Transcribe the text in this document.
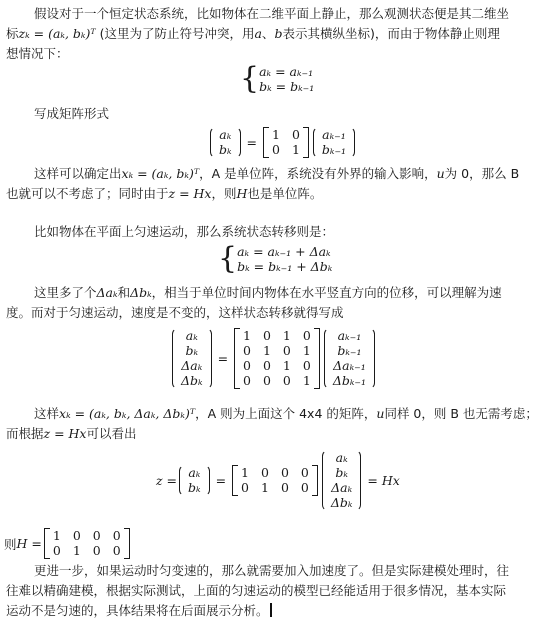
假设对于一个恒定状态系统，比如物体在二维平面上静止，那么观测状态便是其二维坐

标zₖ = (aₖ, bₖ)ᵀ (这里为了防止符号冲突，用a、b表示其横纵坐标)，而由于物体静止则理

想情况下：

{ aₖ = aₖ₋₁
bₖ = bₖ₋₁

写成矩阵形式

aₖ
bₖ =
1 0
0 1
aₖ₋₁
bₖ₋₁

这样可以确定出xₖ = (aₖ, bₖ)ᵀ，A 是单位阵，系统没有外界的输入影响，u为 0，那么 B

也就可以不考虑了；同时由于z = Hx，则H也是单位阵。

比如物体在平面上匀速运动，那么系统状态转移则是：

{ aₖ = aₖ₋₁ + Δaₖ
bₖ = bₖ₋₁ + Δbₖ

这里多了个Δaₖ和Δbₖ，相当于单位时间内物体在水平竖直方向的位移，可以理解为速

度。而对于匀速运动，速度是不变的，这样状态转移就得写成

aₖ
bₖ
Δaₖ
Δbₖ
=
1 0 1 0
0 1 0 1
0 0 1 0
0 0 0 1
aₖ₋₁
bₖ₋₁
Δaₖ₋₁
Δbₖ₋₁

这样xₖ = (aₖ, bₖ, Δaₖ, Δbₖ)ᵀ，A 则为上面这个 4x4 的矩阵，u同样 0，则 B 也无需考虑；

而根据z = Hx可以看出

z =
aₖ
bₖ =
1 0 0 0
0 1 0 0
aₖ
bₖ
Δaₖ
Δbₖ

= Hx
则 H =
1 0 0 0
0 1 0 0

更进一步，如果运动时匀变速的，那么就需要加入加速度了。但是实际建模处理时，往

往难以精确建模，根据实际测试，上面的匀速运动的模型已经能适用于很多情况，基本实际

运动不是匀速的，具体结果将在后面展示分析。
